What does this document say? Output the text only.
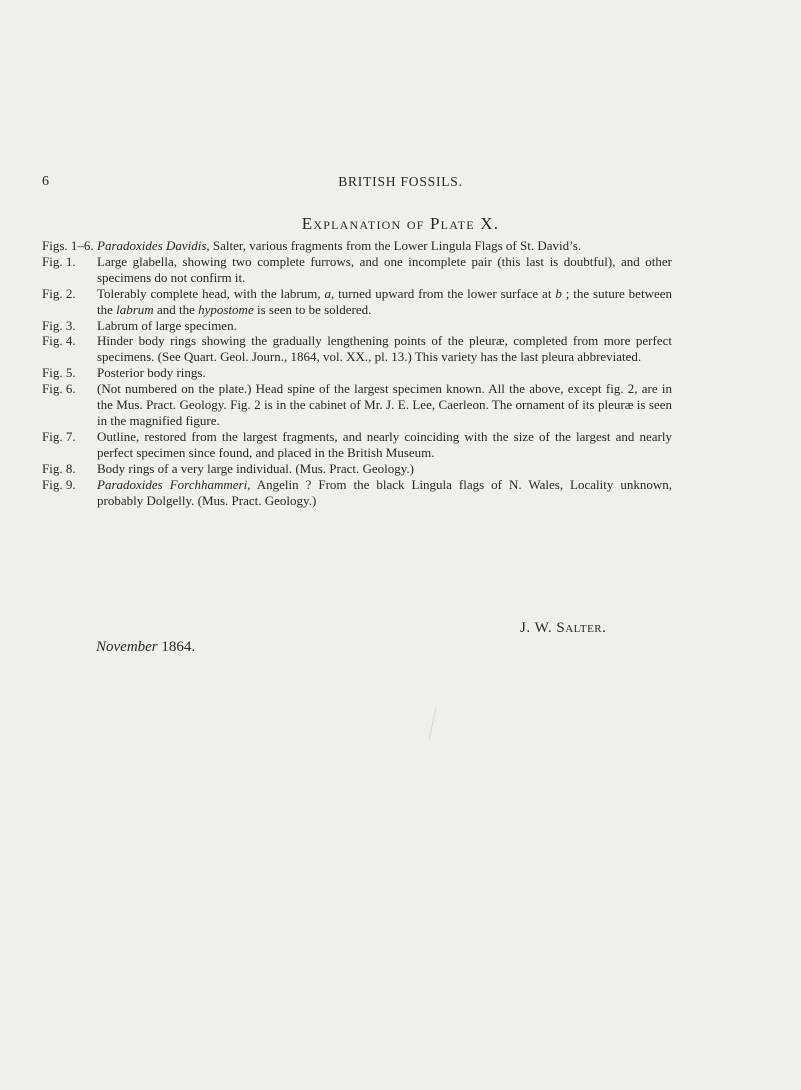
6	BRITISH FOSSILS.
Explanation of Plate X.
Figs. 1–6. Paradoxides Davidis, Salter, various fragments from the Lower Lingula Flags of St. David’s.
Fig. 1. Large glabella, showing two complete furrows, and one incomplete pair (this last is doubtful), and other specimens do not confirm it.
Fig. 2. Tolerably complete head, with the labrum, a, turned upward from the lower surface at b ; the suture between the labrum and the hypostome is seen to be soldered.
Fig. 3. Labrum of large specimen.
Fig. 4. Hinder body rings showing the gradually lengthening points of the pleuræ, completed from more perfect specimens. (See Quart. Geol. Journ., 1864, vol. XX., pl. 13.) This variety has the last pleura abbreviated.
Fig. 5. Posterior body rings.
Fig. 6. (Not numbered on the plate.) Head spine of the largest specimen known. All the above, except fig. 2, are in the Mus. Pract. Geology. Fig. 2 is in the cabinet of Mr. J. E. Lee, Caerleon. The ornament of its pleuræ is seen in the magnified figure.
Fig. 7. Outline, restored from the largest fragments, and nearly coinciding with the size of the largest and nearly perfect specimen since found, and placed in the British Museum.
Fig. 8. Body rings of a very large individual. (Mus. Pract. Geology.)
Fig. 9. Paradoxides Forchhammeri, Angelin ? From the black Lingula flags of N. Wales, Locality unknown, probably Dolgelly. (Mus. Pract. Geology.)
J. W. Salter.
November 1864.
